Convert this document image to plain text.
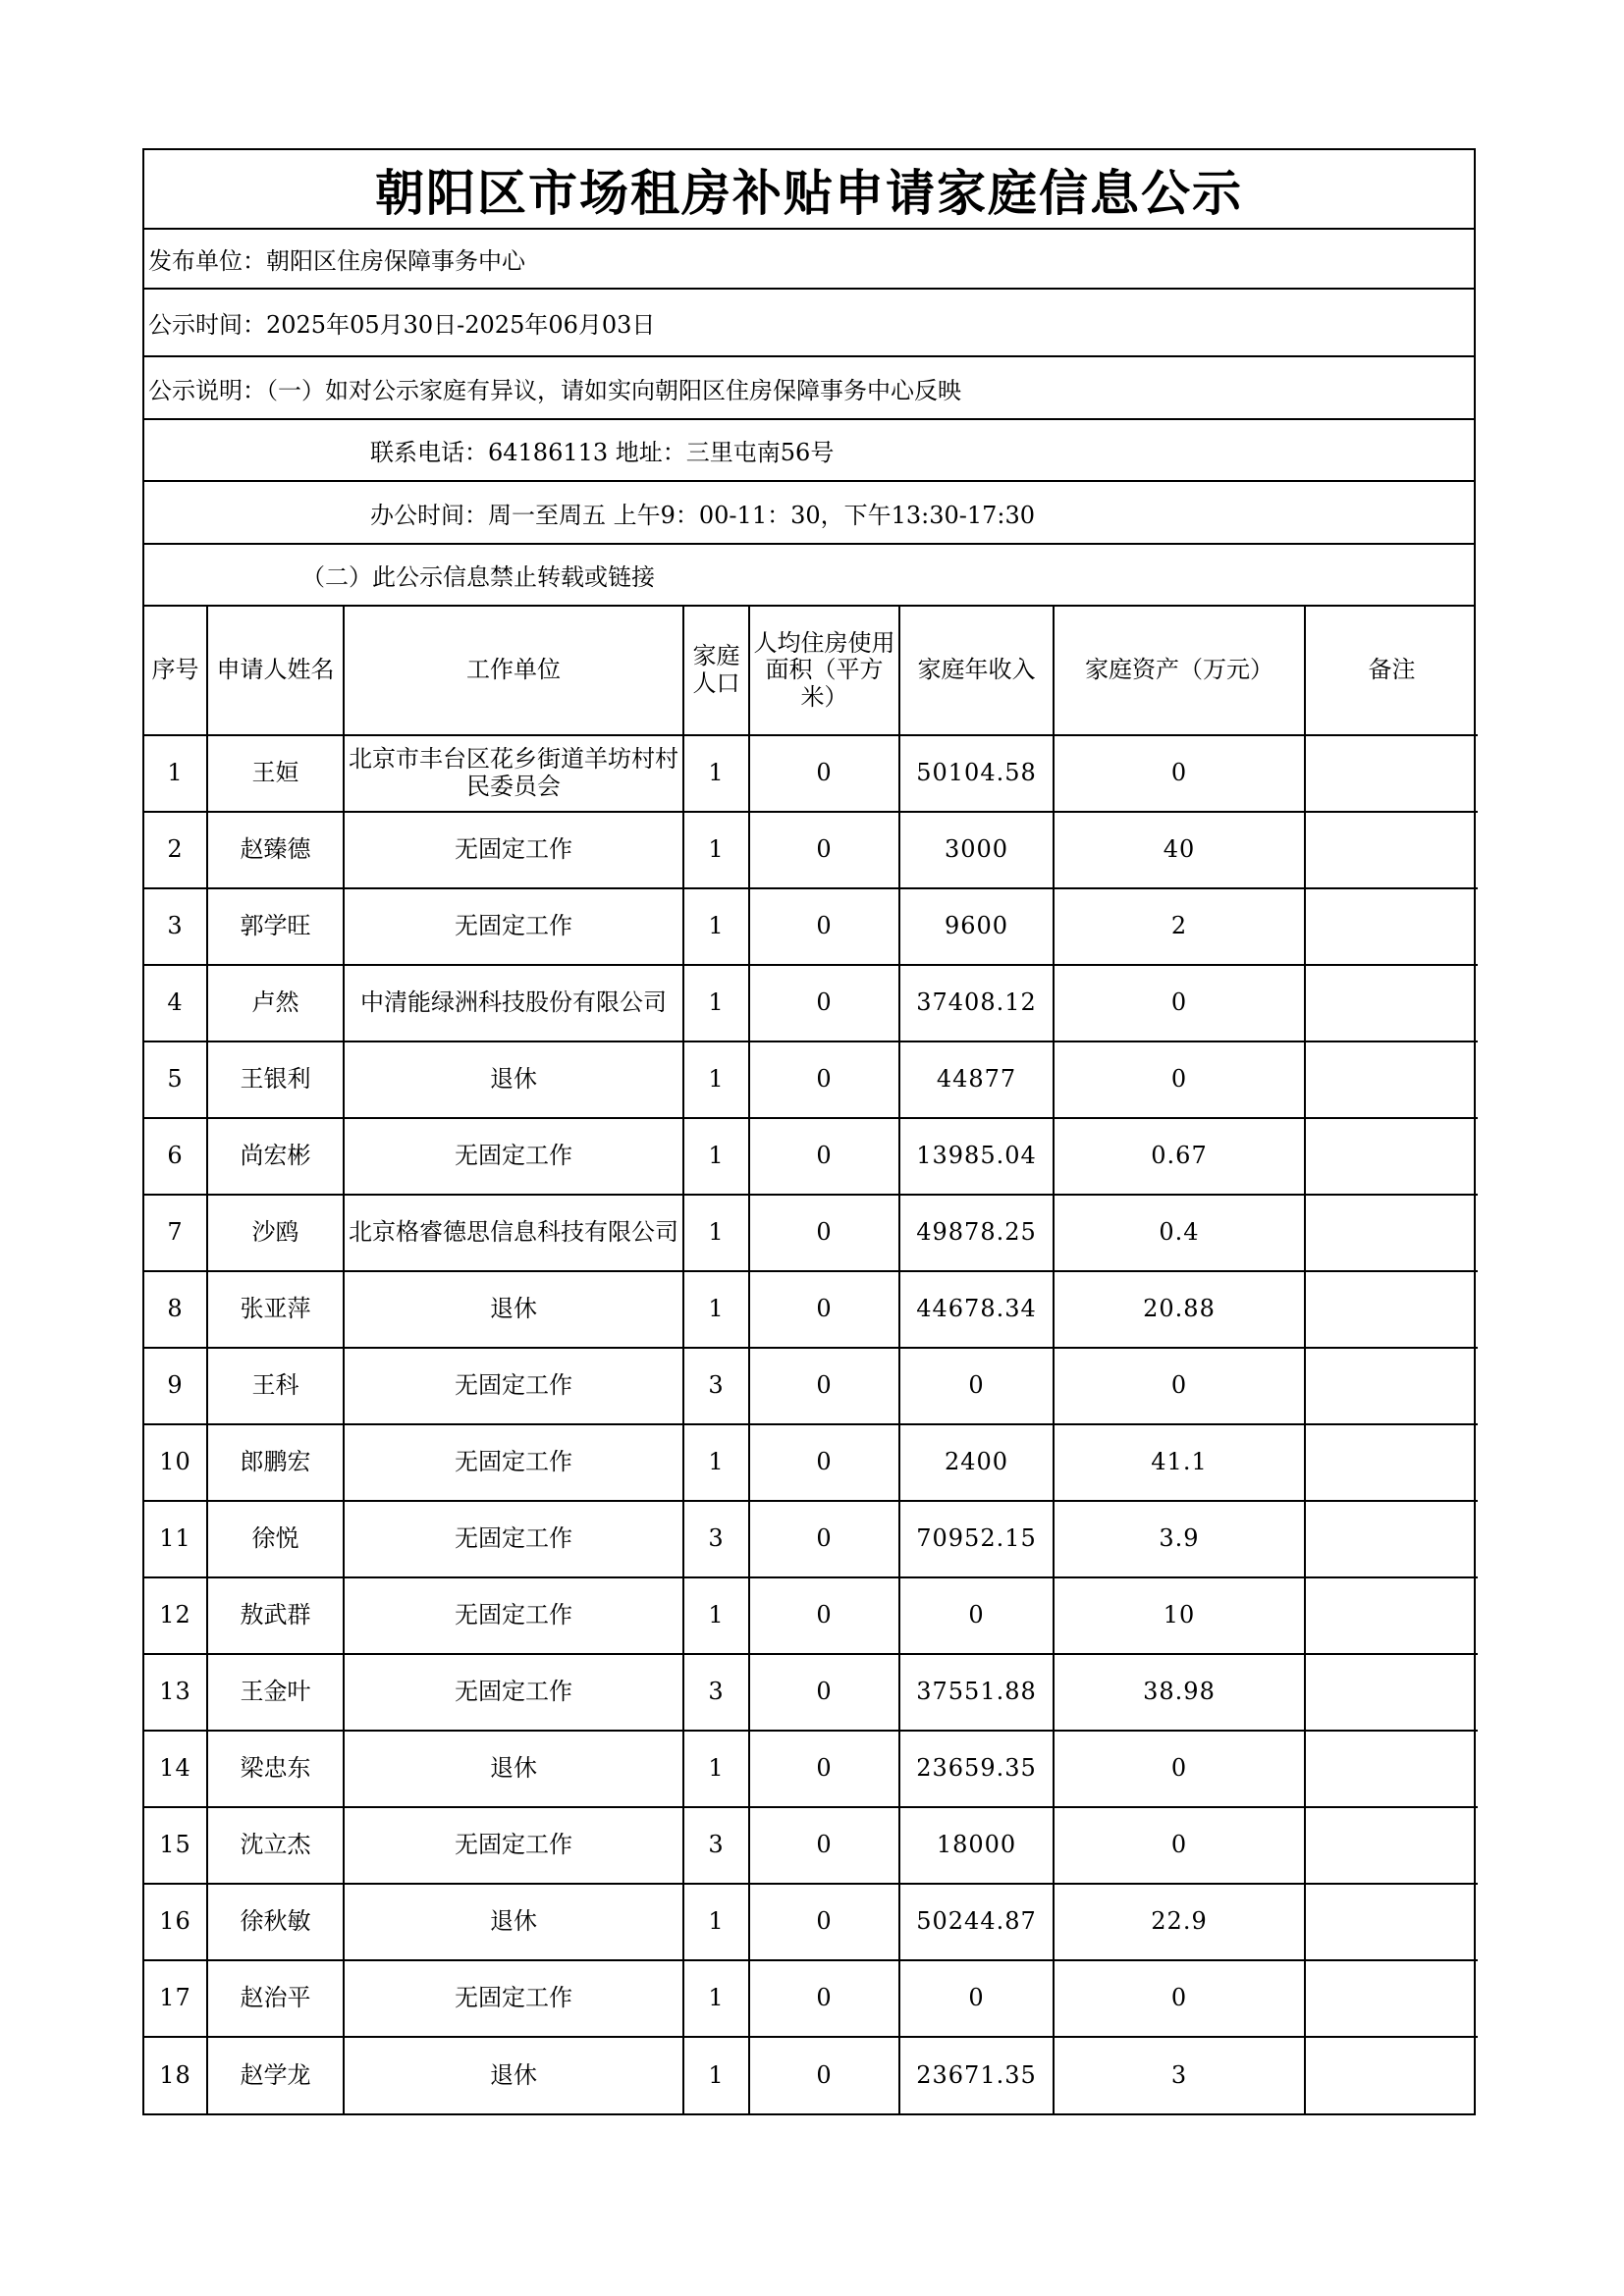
朝阳区市场租房补贴申请家庭信息公示
发布单位：朝阳区住房保障事务中心
公示时间：2025年05月30日-2025年06月03日
公示说明：（一）如对公示家庭有异议，请如实向朝阳区住房保障事务中心反映
联系电话：64186113 地址：三里屯南56号
办公时间：周一至周五 上午9：00-11：30，下午13:30-17:30
（二）此公示信息禁止转载或链接
序号	申请人姓名	工作单位	家庭人口	人均住房使用面积（平方米）	家庭年收入	家庭资产（万元）	备注
1	王姮	北京市丰台区花乡街道羊坊村村民委员会	1	0	50104.58	0	
2	赵臻德	无固定工作	1	0	3000	40	
3	郭学旺	无固定工作	1	0	9600	2	
4	卢然	中清能绿洲科技股份有限公司	1	0	37408.12	0	
5	王银利	退休	1	0	44877	0	
6	尚宏彬	无固定工作	1	0	13985.04	0.67	
7	沙鸥	北京格睿德思信息科技有限公司	1	0	49878.25	0.4	
8	张亚萍	退休	1	0	44678.34	20.88	
9	王科	无固定工作	3	0	0	0	
10	郎鹏宏	无固定工作	1	0	2400	41.1	
11	徐悦	无固定工作	3	0	70952.15	3.9	
12	敖武群	无固定工作	1	0	0	10	
13	王金叶	无固定工作	3	0	37551.88	38.98	
14	梁忠东	退休	1	0	23659.35	0	
15	沈立杰	无固定工作	3	0	18000	0	
16	徐秋敏	退休	1	0	50244.87	22.9	
17	赵治平	无固定工作	1	0	0	0	
18	赵学龙	退休	1	0	23671.35	3	
